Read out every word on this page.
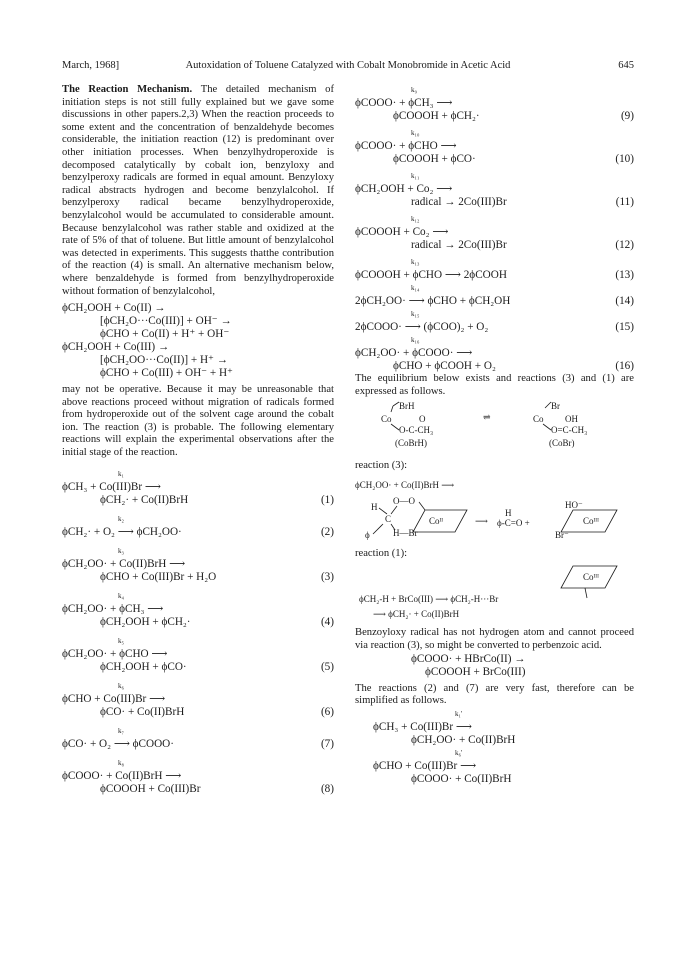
March, 1968]	Autoxidation of Toluene Catalyzed with Cobalt Monobromide in Acetic Acid	645

The Reaction Mechanism. The detailed mechanism of initiation steps is not still fully explained but we gave some discussions in other papers.2,3) When the reaction proceeds to some extent and the concentration of benzaldehyde becomes considerable, the initiation reaction (12) is predominant over other initiation processes. When benzylhydroperoxide is decomposed catalytically by cobalt ion, benzyloxy and benzylperoxy radicals are formed in equal amount. Benzyloxy radical abstracts hydrogen and become benzylalcohol. If benzylperoxy radical became benzylhydroperoxide, benzylalcohol would be accumulated to considerable amount. Because benzylalcohol was rather stable and oxidized at the rate of 5% of that of toluene. But little amount of benzylalcohol was detected in experiments. This suggests thatthe contribution of the reaction (4) is small. An alternative mechanism below, where benzaldehyde is formed from benzylhydroperoxide without formation of benzylalcohol,

ϕCH₂OOH + Co(II) →
[ϕCH₂O···Co(III)] + OH⁻ →
ϕCHO + Co(II) + H⁺ + OH⁻
ϕCH₂OOH + Co(III) →
[ϕCH₂OO···Co(II)] + H⁺ →
ϕCHO + Co(III) + OH⁻ + H⁺

may not be operative. Because it may be unreasonable that above reactions proceed without migration of radicals formed from hydroperoxide out of the solvent cage around the cobalt ion. The reaction (3) is probable. The following elementary reactions will explain the experimental observations after the initial stage of the reaction.

$^{k_1}$
ϕCH₃ + Co(III)Br ⟶
ϕCH₂· + Co(II)BrH	(1)
$^{k_2}$
ϕCH₂· + O₂ ⟶ ϕCH₂OO·	(2)
$^{k_3}$
ϕCH₂OO· + Co(II)BrH ⟶
ϕCHO + Co(III)Br + H₂O	(3)
$^{k_4}$
ϕCH₂OO· + ϕCH₃ ⟶
ϕCH₂OOH + ϕCH₂·	(4)
$^{k_5}$
ϕCH₂OO· + ϕCHO ⟶
ϕCH₂OOH + ϕCO·	(5)
$^{k_6}$
ϕCHO + Co(III)Br ⟶
ϕCO· + Co(II)BrH	(6)
$^{k_7}$
ϕCO· + O₂ ⟶ ϕCOOO·	(7)
$^{k_8}$
ϕCOOO· + Co(II)BrH ⟶
ϕCOOOH + Co(III)Br	(8)
$^{k_9}$
ϕCOOO· + ϕCH₃ ⟶
ϕCOOOH + ϕCH₂·	(9)
$^{k_{10}}$
ϕCOOO· + ϕCHO ⟶
ϕCOOOH + ϕCO·	(10)
$^{k_{11}}$
ϕCH₂OOH + Co₂ ⟶
radical → 2Co(III)Br	(11)
$^{k_{12}}$
ϕCOOOH + Co₂ ⟶
radical → 2Co(III)Br	(12)
$^{k_{13}}$
ϕCOOOH + ϕCHO ⟶ 2ϕCOOH	(13)
$^{k_{14}}$
2ϕCH₂OO· ⟶ ϕCHO + ϕCH₂OH	(14)
$^{k_{15}}$
2ϕCOOO· ⟶ (ϕCOO)₂ + O₂	(15)
$^{k_{16}}$
ϕCH₂OO· + ϕCOOO· ⟶
ϕCHO + ϕCOOH + O₂	(16)

The equilibrium below exists and reactions (3) and (1) are expressed as follows.

BrH
Co	O
O-C-CH₃
(CoBrH)
⇌
Br
Co OH
O=C-CH₃
(CoBr)

reaction (3):

ϕCH₂OO· + Co(II)BrH ⟶
H
C
O—O
Coᴵᴵ
H—Br
ϕ
⟶
H
ϕ-C=O +
HO⁻
Coᴵᴵᴵ
Br⁻

reaction (1):

Coᴵᴵᴵ
ϕCH₂-H + BrCo(III) ⟶ ϕCH₂-H···Br
⟶ ϕCH₂· + Co(II)BrH

Benzoyloxy radical has not hydrogen atom and cannot proceed via reaction (3), so might be converted to perbenzoic acid.

ϕCOOO· + HBrCo(II) →
ϕCOOOH + BrCo(III)

The reactions (2) and (7) are very fast, therefore can be simplified as follows.

$^{k_1'}$
ϕCH₃ + Co(III)Br ⟶
ϕCH₂OO· + Co(II)BrH
$^{k_6'}$
ϕCHO + Co(III)Br ⟶
ϕCOOO· + Co(II)BrH
